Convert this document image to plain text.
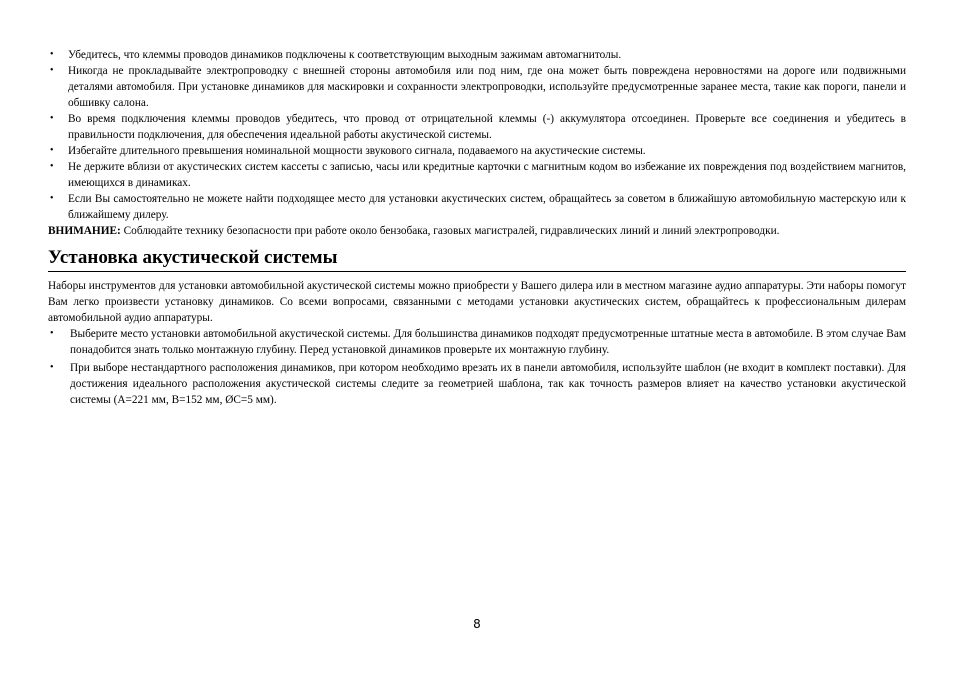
• Убедитесь, что клеммы проводов динамиков подключены к соответствующим выходным зажимам автомагнитолы.
• Никогда не прокладывайте электропроводку с внешней стороны автомобиля или под ним, где она может быть повреждена неровностями на дороге или подвижными деталями автомобиля. При установке динамиков для маскировки и сохранности электропроводки, используйте предусмотренные заранее места, такие как пороги, панели и обшивку салона.
• Во время подключения клеммы проводов убедитесь, что провод от отрицательной клеммы (-) аккумулятора отсоединен. Проверьте все соединения и убедитесь в правильности подключения, для обеспечения идеальной работы акустической системы.
• Избегайте длительного превышения номинальной мощности звукового сигнала, подаваемого на акустические системы.
• Не держите вблизи от акустических систем кассеты с записью, часы или кредитные карточки с магнитным кодом во избежание их повреждения под воздействием магнитов, имеющихся в динамиках.
• Если Вы самостоятельно не можете найти подходящее место для установки акустических систем, обращайтесь за советом в ближайшую автомобильную мастерскую или к ближайшему дилеру.

ВНИМАНИЕ: Соблюдайте технику безопасности при работе около бензобака, газовых магистралей, гидравлических линий и линий электропроводки.

Установка акустической системы

Наборы инструментов для установки автомобильной акустической системы можно приобрести у Вашего дилера или в местном магазине аудио аппаратуры. Эти наборы помогут Вам легко произвести установку динамиков. Со всеми вопросами, связанными с методами установки акустических систем, обращайтесь к профессиональным дилерам автомобильной аудио аппаратуры.

• Выберите место установки автомобильной акустической системы. Для большинства динамиков подходят предусмотренные штатные места в автомобиле. В этом случае Вам понадобится знать только монтажную глубину. Перед установкой динамиков проверьте их монтажную глубину.
• При выборе нестандартного расположения динамиков, при котором необходимо врезать их в панели автомобиля, используйте шаблон (не входит в комплект поставки). Для достижения идеального расположения акустической системы следите за геометрией шаблона, так как точность размеров влияет на качество установки акустической системы (A=221 мм, B=152 мм, ØC=5 мм).
8
